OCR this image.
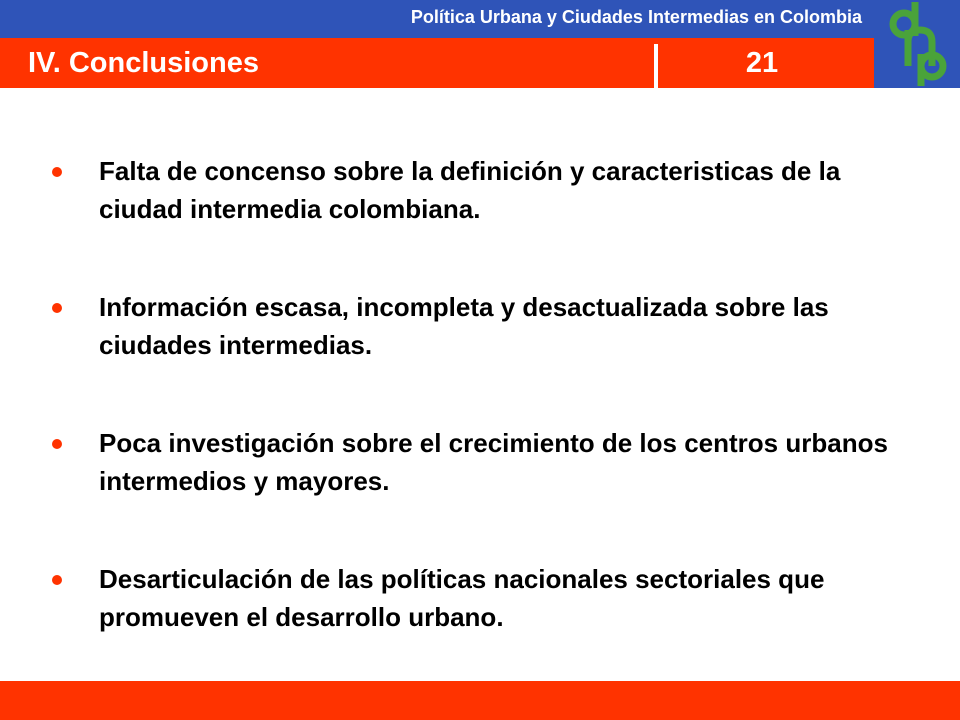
Política Urbana y Ciudades Intermedias en Colombia
IV. Conclusiones	21
Falta de concenso sobre la definición y caracteristicas de la ciudad intermedia colombiana.
Información escasa, incompleta y desactualizada sobre las ciudades intermedias.
Poca investigación sobre el crecimiento de los centros urbanos intermedios y mayores.
Desarticulación de las políticas nacionales sectoriales que promueven el desarrollo urbano.
